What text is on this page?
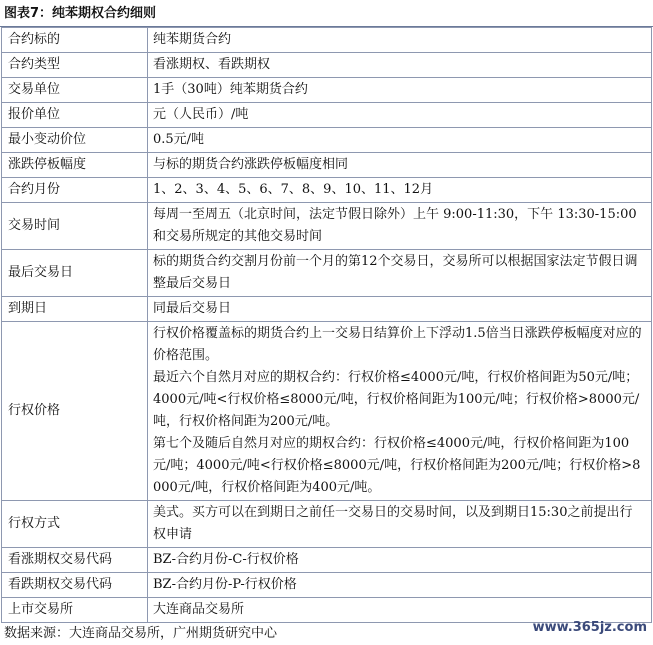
图表7：纯苯期权合约细则
合约标的	纯苯期货合约

合约类型	看涨期权、看跌期权

交易单位	1手（30吨）纯苯期货合约

报价单位	元（人民币）/吨

最小变动价位	0.5元/吨

涨跌停板幅度	与标的期货合约涨跌停板幅度相同

合约月份	1、2、3、4、5、6、7、8、9、10、11、12月

交易时间	每周一至周五（北京时间，法定节假日除外）上午 9:00-11:30，下午 13:30-15:00 和交易所规定的其他交易时间

最后交易日	标的期货合约交割月份前一个月的第12个交易日，交易所可以根据国家法定节假日调整最后交易日

到期日	同最后交易日

行权价格	行权价格覆盖标的期货合约上一交易日结算价上下浮动1.5倍当日涨跌停板幅度对应的价格范围。
最近六个自然月对应的期权合约：行权价格≤4000元/吨，行权价格间距为50元/吨；4000元/吨<行权价格≤8000元/吨，行权价格间距为100元/吨；行权价格>8000元/吨，行权价格间距为200元/吨。
第七个及随后自然月对应的期权合约：行权价格≤4000元/吨，行权价格间距为100元/吨；4000元/吨<行权价格≤8000元/吨，行权价格间距为200元/吨；行权价格>8000元/吨，行权价格间距为400元/吨。

行权方式	美式。买方可以在到期日之前任一交易日的交易时间，以及到期日15:30之前提出行权申请

看涨期权交易代码	BZ-合约月份-C-行权价格

看跌期权交易代码	BZ-合约月份-P-行权价格

上市交易所	大连商品交易所
数据来源：大连商品交易所，广州期货研究中心	www.365jz.com
